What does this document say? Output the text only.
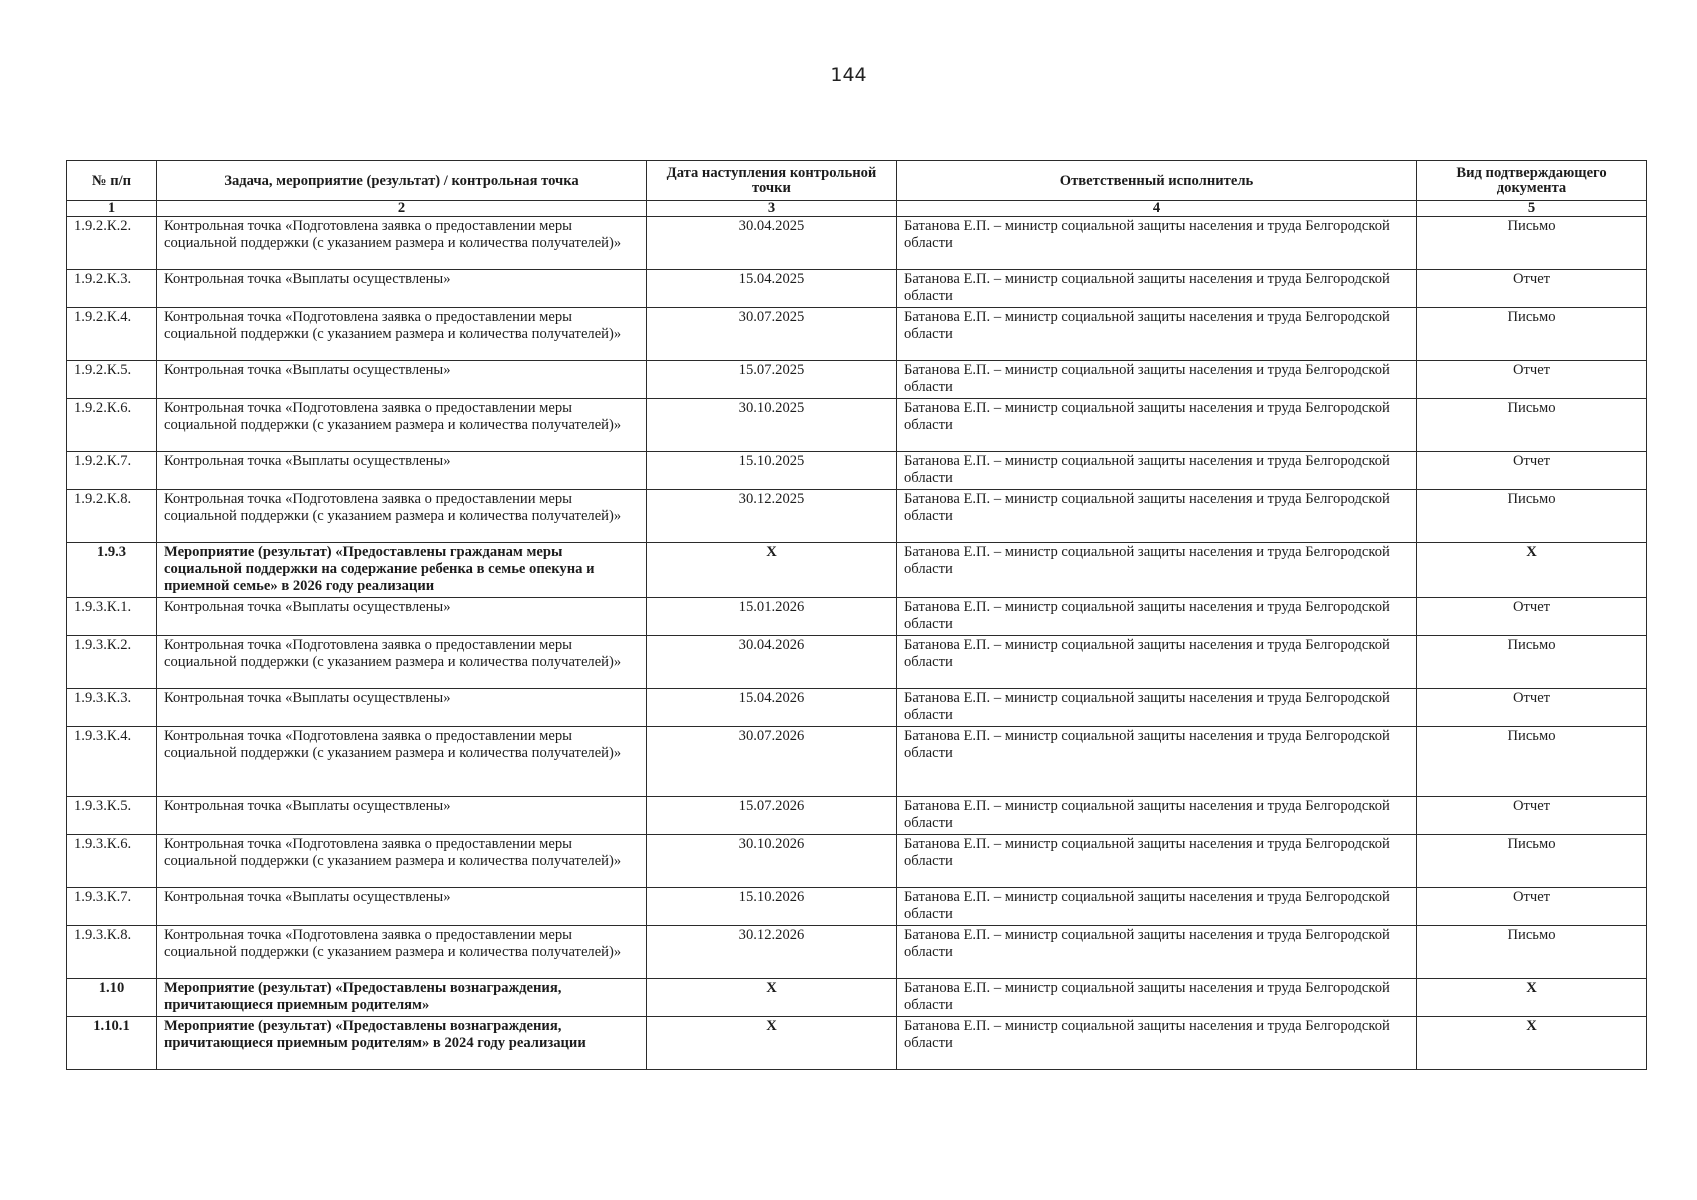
144
№ п/п	Задача, мероприятие (результат) / контрольная точка	Дата наступления контрольной точки	Ответственный исполнитель	Вид подтверждающего документа
1	2	3	4	5
1.9.2.К.2.	Контрольная точка «Подготовлена заявка о предоставлении меры социальной поддержки (с указанием размера и количества получателей)»	30.04.2025	Батанова Е.П. – министр социальной защиты населения и труда Белгородской области	Письмо
1.9.2.К.3.	Контрольная точка «Выплаты осуществлены»	15.04.2025	Батанова Е.П. – министр социальной защиты населения и труда Белгородской области	Отчет
1.9.2.К.4.	Контрольная точка «Подготовлена заявка о предоставлении меры социальной поддержки (с указанием размера и количества получателей)»	30.07.2025	Батанова Е.П. – министр социальной защиты населения и труда Белгородской области	Письмо
1.9.2.К.5.	Контрольная точка «Выплаты осуществлены»	15.07.2025	Батанова Е.П. – министр социальной защиты населения и труда Белгородской области	Отчет
1.9.2.К.6.	Контрольная точка «Подготовлена заявка о предоставлении меры социальной поддержки (с указанием размера и количества получателей)»	30.10.2025	Батанова Е.П. – министр социальной защиты населения и труда Белгородской области	Письмо
1.9.2.К.7.	Контрольная точка «Выплаты осуществлены»	15.10.2025	Батанова Е.П. – министр социальной защиты населения и труда Белгородской области	Отчет
1.9.2.К.8.	Контрольная точка «Подготовлена заявка о предоставлении меры социальной поддержки (с указанием размера и количества получателей)»	30.12.2025	Батанова Е.П. – министр социальной защиты населения и труда Белгородской области	Письмо
1.9.3	Мероприятие (результат) «Предоставлены гражданам меры социальной поддержки на содержание ребенка в семье опекуна и приемной семье» в 2026 году реализации	X	Батанова Е.П. – министр социальной защиты населения и труда Белгородской области	X
1.9.3.К.1.	Контрольная точка «Выплаты осуществлены»	15.01.2026	Батанова Е.П. – министр социальной защиты населения и труда Белгородской области	Отчет
1.9.3.К.2.	Контрольная точка «Подготовлена заявка о предоставлении меры социальной поддержки (с указанием размера и количества получателей)»	30.04.2026	Батанова Е.П. – министр социальной защиты населения и труда Белгородской области	Письмо
1.9.3.К.3.	Контрольная точка «Выплаты осуществлены»	15.04.2026	Батанова Е.П. – министр социальной защиты населения и труда Белгородской области	Отчет
1.9.3.К.4.	Контрольная точка «Подготовлена заявка о предоставлении меры социальной поддержки (с указанием размера и количества получателей)»	30.07.2026	Батанова Е.П. – министр социальной защиты населения и труда Белгородской области	Письмо
1.9.3.К.5.	Контрольная точка «Выплаты осуществлены»	15.07.2026	Батанова Е.П. – министр социальной защиты населения и труда Белгородской области	Отчет
1.9.3.К.6.	Контрольная точка «Подготовлена заявка о предоставлении меры социальной поддержки (с указанием размера и количества получателей)»	30.10.2026	Батанова Е.П. – министр социальной защиты населения и труда Белгородской области	Письмо
1.9.3.К.7.	Контрольная точка «Выплаты осуществлены»	15.10.2026	Батанова Е.П. – министр социальной защиты населения и труда Белгородской области	Отчет
1.9.3.К.8.	Контрольная точка «Подготовлена заявка о предоставлении меры социальной поддержки (с указанием размера и количества получателей)»	30.12.2026	Батанова Е.П. – министр социальной защиты населения и труда Белгородской области	Письмо
1.10	Мероприятие (результат) «Предоставлены вознаграждения, причитающиеся приемным родителям»	X	Батанова Е.П. – министр социальной защиты населения и труда Белгородской области	X
1.10.1	Мероприятие (результат) «Предоставлены вознаграждения, причитающиеся приемным родителям» в 2024 году реализации	X	Батанова Е.П. – министр социальной защиты населения и труда Белгородской области	X
